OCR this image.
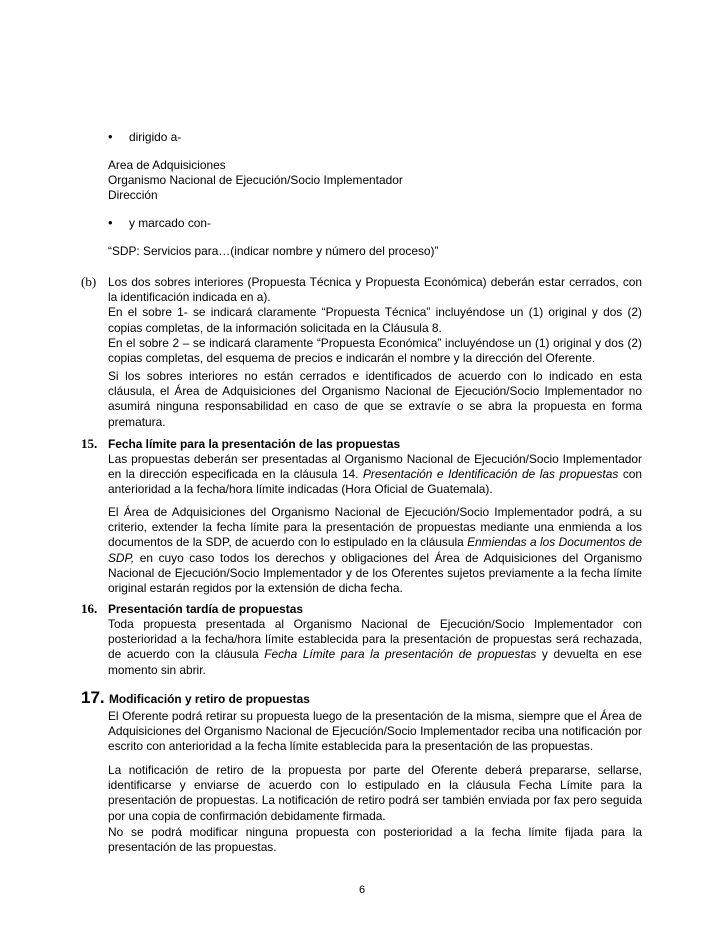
• dirigido a-
Area de Adquisiciones
Organismo Nacional de Ejecución/Socio Implementador
Dirección
• y marcado con-
“SDP: Servicios para…(indicar nombre y número del proceso)”
(b) Los dos sobres interiores (Propuesta Técnica y Propuesta Económica) deberán estar cerrados, con
la identificación indicada en a).
En el sobre 1- se indicará claramente “Propuesta Técnica” incluyéndose un (1) original y dos (2)
copias completas, de la información solicitada en la Cláusula 8.
En el sobre 2 – se indicará claramente “Propuesta Económica” incluyéndose un (1) original y dos (2)
copias completas, del esquema de precios e indicarán el nombre y la dirección del Oferente.
Si los sobres interiores no están cerrados e identificados de acuerdo con lo indicado en esta
cláusula, el Área de Adquisiciones del Organismo Nacional de Ejecución/Socio Implementador no
asumirá ninguna responsabilidad en caso de que se extravíe o se abra la propuesta en forma
prematura.
15. Fecha límite para la presentación de las propuestas
Las propuestas deberán ser presentadas al Organismo Nacional de Ejecución/Socio Implementador
en la dirección especificada en la cláusula 14. Presentación e Identificación de las propuestas con
anterioridad a la fecha/hora límite indicadas (Hora Oficial de Guatemala).
El Área de Adquisiciones del Organismo Nacional de Ejecución/Socio Implementador podrá, a su
criterio, extender la fecha límite para la presentación de propuestas mediante una enmienda a los
documentos de la SDP, de acuerdo con lo estipulado en la cláusula Enmiendas a los Documentos de
SDP, en cuyo caso todos los derechos y obligaciones del Área de Adquisiciones del Organismo
Nacional de Ejecución/Socio Implementador y de los Oferentes sujetos previamente a la fecha límite
original estarán regidos por la extensión de dicha fecha.
16. Presentación tardía de propuestas
Toda propuesta presentada al Organismo Nacional de Ejecución/Socio Implementador con
posterioridad a la fecha/hora límite establecida para la presentación de propuestas será rechazada,
de acuerdo con la cláusula Fecha Límite para la presentación de propuestas y devuelta en ese
momento sin abrir.
17. Modificación y retiro de propuestas
El Oferente podrá retirar su propuesta luego de la presentación de la misma, siempre que el Área de
Adquisiciones del Organismo Nacional de Ejecución/Socio Implementador reciba una notificación por
escrito con anterioridad a la fecha límite establecida para la presentación de las propuestas.
La notificación de retiro de la propuesta por parte del Oferente deberá prepararse, sellarse,
identificarse y enviarse de acuerdo con lo estipulado en la cláusula Fecha Límite para la
presentación de propuestas. La notificación de retiro podrá ser también enviada por fax pero seguida
por una copia de confirmación debidamente firmada.
No se podrá modificar ninguna propuesta con posterioridad a la fecha límite fijada para la
presentación de las propuestas.
6
